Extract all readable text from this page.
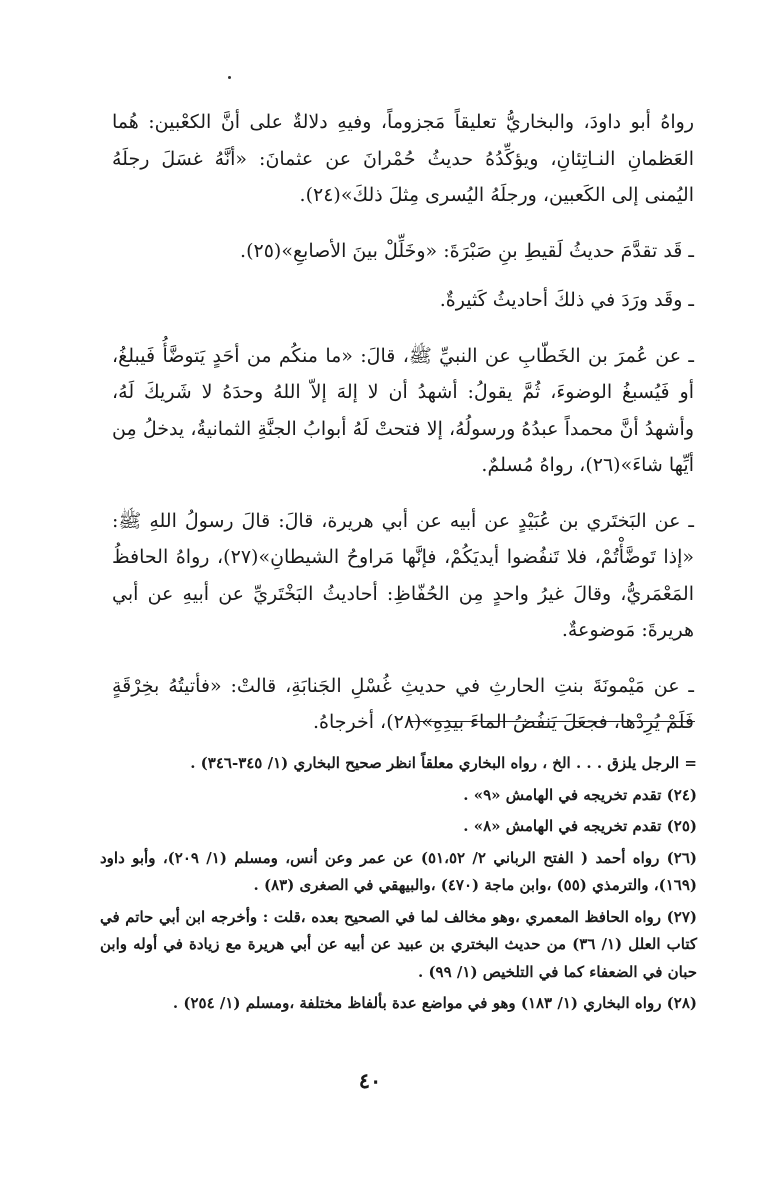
رواهُ أبو داودَ، والبخاريُّ تعليقاً مَجزوماً، وفيهِ دلالةٌ على أنَّ الكعْبين: هُما العَظمانِ النـاتِئانِ، ويؤكِّدُهُ حديثُ حُمْرانَ عن عثمانَ: «أنَّهُ غسَلَ رجلَهُ اليُمنى إلى الكَعبين، ورجلَهُ اليُسرى مِثلَ ذلكَ»(٢٤).

ـ قَد تقدَّمَ حديثُ لَقيطِ بنِ صَبْرَةَ: «وخَلِّلْ بينَ الأصابعِ»(٢٥).

ـ وقَد ورَدَ في ذلكَ أحاديثُ كَثيرةٌ.

ـ عن عُمرَ بن الخَطّابِ عن النبيِّ ﷺ، قالَ: «ما منكُم من أحَدٍ يَتوضَّأُ فَيبلغُ، أو فَيُسبغُ الوضوءَ، ثُمَّ يقولُ: أشهدُ أن لا إلهَ إلاّ اللهُ وحدَهُ لا شَريكَ لَهُ، وأشهدُ أنَّ محمداً عبدُهُ ورسولُهُ، إلا فتحتْ لَهُ أبوابُ الجنَّةِ الثمانيةُ، يدخلُ مِن أيِّها شاءَ»(٢٦)، رواهُ مُسلمٌ.

ـ عن البَختَري بن عُبَيْدٍ عن أبيه عن أبي هريرة، قالَ: قالَ رسولُ اللهِ ﷺ: «إذا تَوضَّأْتُمْ، فلا تَنفُضوا أيديَكُمْ، فإنَّها مَراوحُ الشيطانِ»(٢٧)، رواهُ الحافظُ المَعْمَريُّ، وقالَ غيرُ واحدٍ مِن الحُفّاظِ: أحاديثُ البَخْتَريِّ عن أبيهِ عن أبي هريرةَ: مَوضوعةٌ.

ـ عن مَيْمونَةَ بنتِ الحارثِ في حديثِ غُسْلِ الجَنابَةِ، قالتْ: «فأتيتُهُ بخِرْقَةٍ فَلَمْ يُرِدْها، فجعَلَ يَنفُضُ الماءَ بيدِهِ»(٢٨)، أخرجاهُ.

= الرجل يلزق . . . الخ ، رواه البخاري معلقاً انظر صحيح البخاري (١/ ٣٤٥-٣٤٦) .

(٢٤) تقدم تخريجه في الهامش «٩» .

(٢٥) تقدم تخريجه في الهامش «٨» .

(٢٦) رواه أحمد ( الفتح الرباني ٢/ ٥١،٥٢) عن عمر وعن أنس، ومسلم (١/ ٢٠٩)، وأبو داود (١٦٩)، والترمذي (٥٥) ،وابن ماجة (٤٧٠) ،والبيهقي في الصغرى (٨٣) .

(٢٧) رواه الحافظ المعمري ،وهو مخالف لما في الصحيح بعده ،قلت : وأخرجه ابن أبي حاتم في كتاب العلل (١/ ٣٦) من حديث البختري بن عبيد عن أبيه عن أبي هريرة مع زيادة في أوله وابن حبان في الضعفاء كما في التلخيص (١/ ٩٩) .

(٢٨) رواه البخاري (١/ ١٨٣) وهو في مواضع عدة بألفاظ مختلفة ،ومسلم (١/ ٢٥٤) .

٤٠
